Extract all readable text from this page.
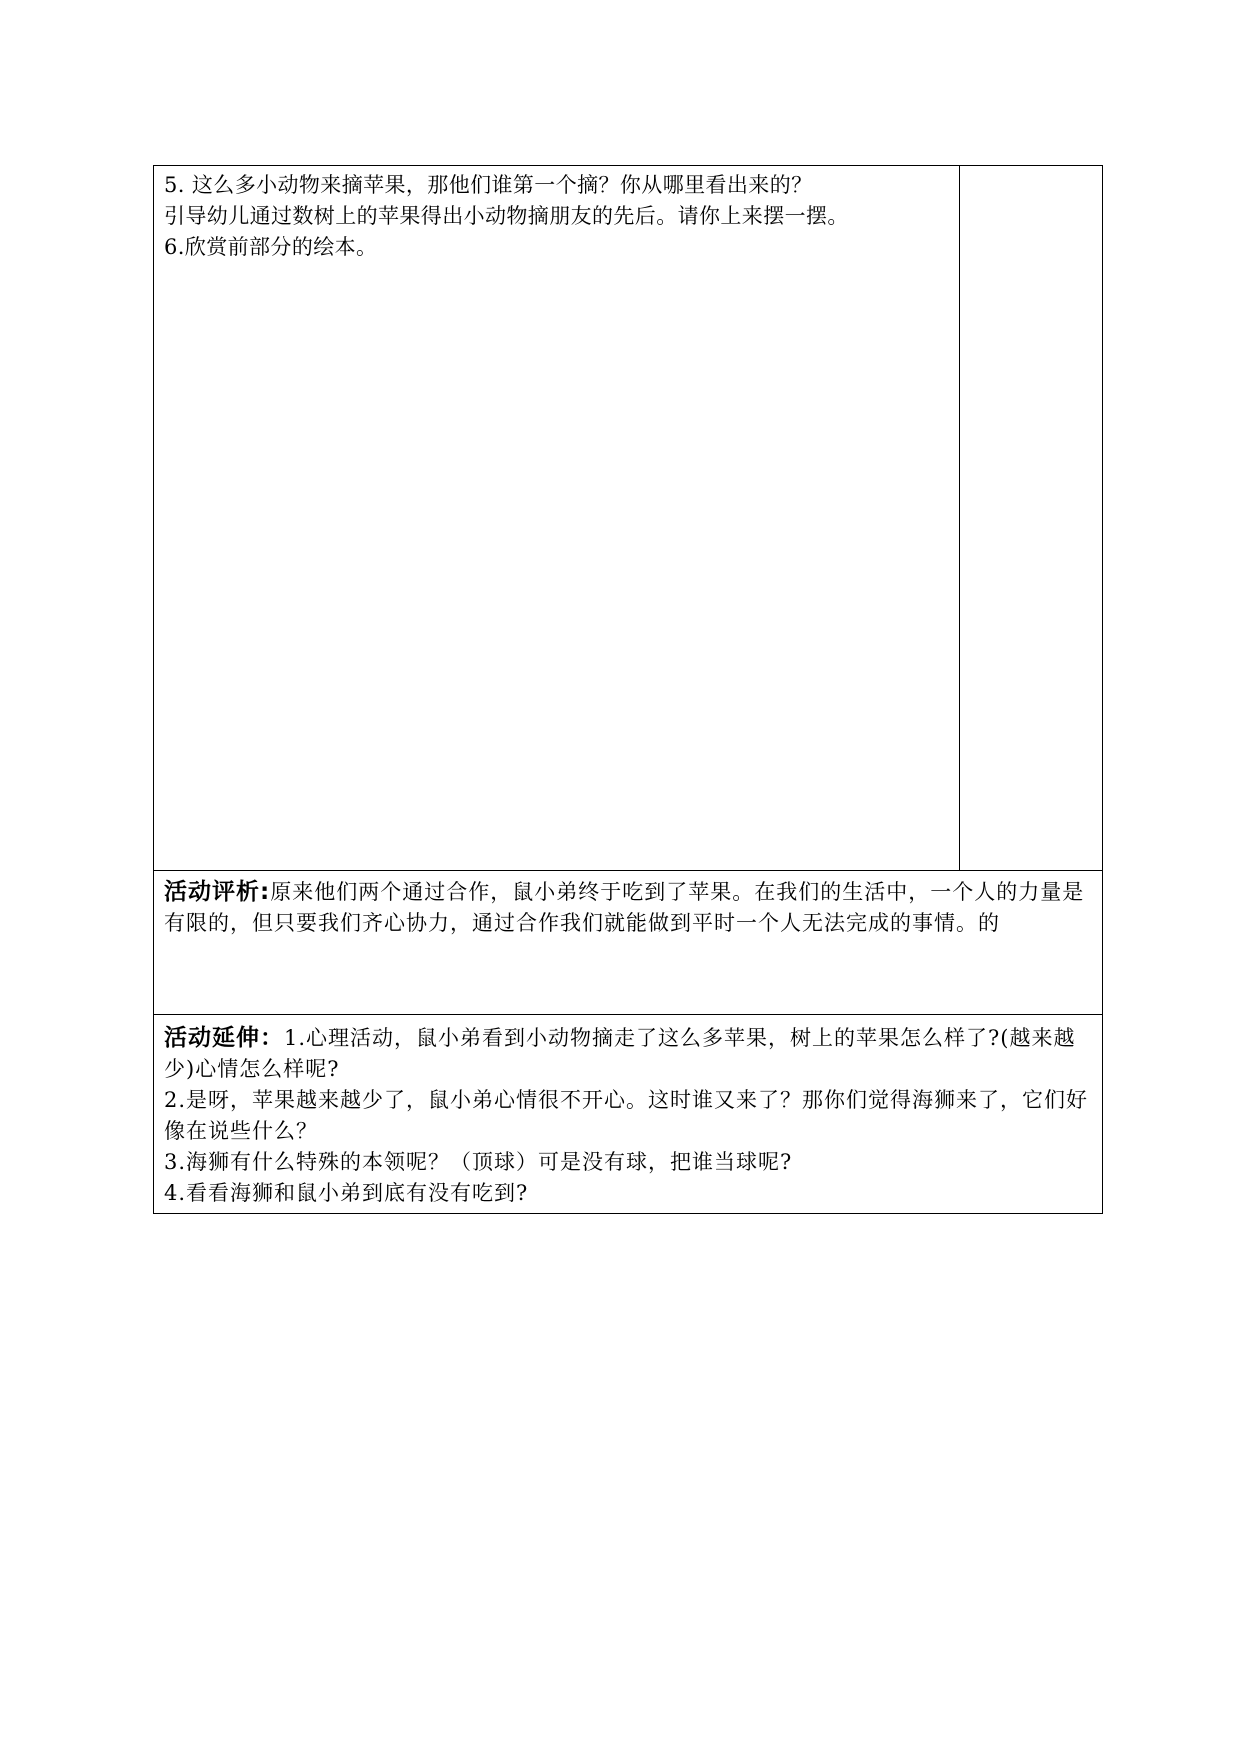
5. 这么多小动物来摘苹果，那他们谁第一个摘？你从哪里看出来的？
引导幼儿通过数树上的苹果得出小动物摘朋友的先后。请你上来摆一摆。
6.欣赏前部分的绘本。

活动评析:原来他们两个通过合作，鼠小弟终于吃到了苹果。在我们的生活中，一个人的力量是有限的，但只要我们齐心协力，通过合作我们就能做到平时一个人无法完成的事情。的

活动延伸：1.心理活动，鼠小弟看到小动物摘走了这么多苹果，树上的苹果怎么样了?(越来越少)心情怎么样呢?
2.是呀，苹果越来越少了，鼠小弟心情很不开心。这时谁又来了？那你们觉得海狮来了，它们好像在说些什么？
3.海狮有什么特殊的本领呢？（顶球）可是没有球，把谁当球呢?
4.看看海狮和鼠小弟到底有没有吃到?
